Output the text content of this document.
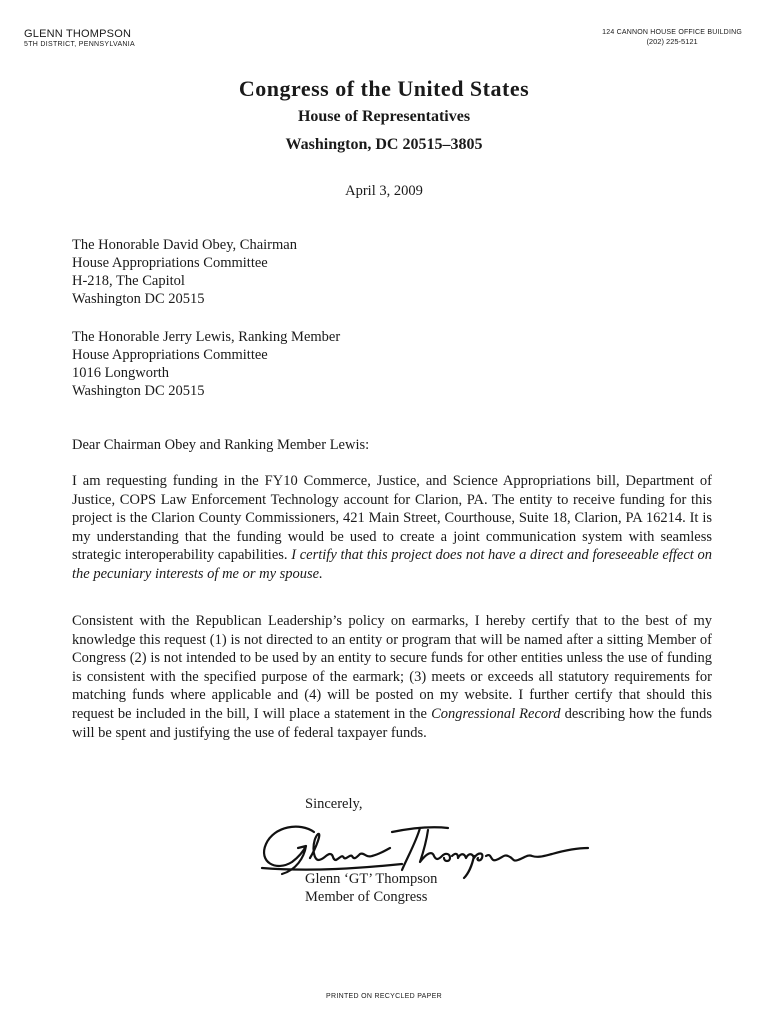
GLENN THOMPSON
5TH DISTRICT, PENNSYLVANIA
124 CANNON HOUSE OFFICE BUILDING
(202) 225-5121
Congress of the United States
House of Representatives
Washington, DC 20515–3805
April 3, 2009
The Honorable David Obey, Chairman
House Appropriations Committee
H-218, The Capitol
Washington DC 20515
The Honorable Jerry Lewis, Ranking Member
House Appropriations Committee
1016 Longworth
Washington DC 20515
Dear Chairman Obey and Ranking Member Lewis:
I am requesting funding in the FY10 Commerce, Justice, and Science Appropriations bill, Department of Justice, COPS Law Enforcement Technology account for Clarion, PA. The entity to receive funding for this project is the Clarion County Commissioners, 421 Main Street, Courthouse, Suite 18, Clarion, PA 16214. It is my understanding that the funding would be used to create a joint communication system with seamless strategic interoperability capabilities. I certify that this project does not have a direct and foreseeable effect on the pecuniary interests of me or my spouse.
Consistent with the Republican Leadership’s policy on earmarks, I hereby certify that to the best of my knowledge this request (1) is not directed to an entity or program that will be named after a sitting Member of Congress (2) is not intended to be used by an entity to secure funds for other entities unless the use of funding is consistent with the specified purpose of the earmark; (3) meets or exceeds all statutory requirements for matching funds where applicable and (4) will be posted on my website. I further certify that should this request be included in the bill, I will place a statement in the Congressional Record describing how the funds will be spent and justifying the use of federal taxpayer funds.
Sincerely,
Glenn ‘GT’ Thompson
Member of Congress
PRINTED ON RECYCLED PAPER
